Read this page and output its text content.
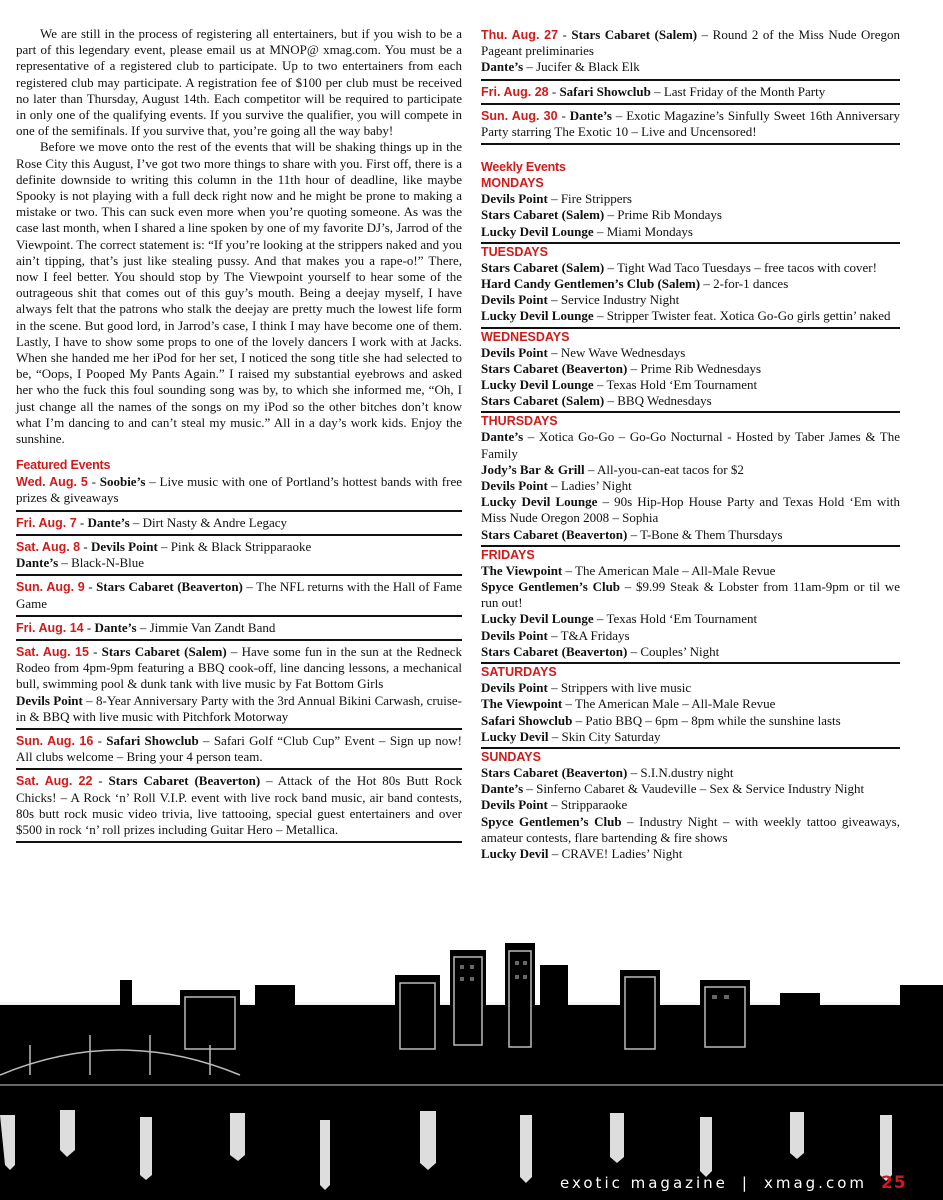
We are still in the process of registering all entertainers, but if you wish to be a part of this legendary event, please email us at MNOP@ xmag.com. You must be a representative of a registered club to participate. Up to two entertainers from each registered club may participate. A registration fee of $100 per club must be received no later than Thursday, August 14th. Each competitor will be required to participate in only one of the qualifying events. If you survive the qualifier, you will compete in one of the semifinals. If you survive that, you’re going all the way baby!

Before we move onto the rest of the events that will be shaking things up in the Rose City this August, I’ve got two more things to share with you. First off, there is a definite downside to writing this column in the 11th hour of deadline, like maybe Spooky is not playing with a full deck right now and he might be prone to making a mistake or two. This can suck even more when you’re quoting someone. As was the case last month, when I shared a line spoken by one of my favorite DJ’s, Jarrod of the Viewpoint. The correct statement is: “If you’re looking at the strippers naked and you ain’t tipping, that’s just like stealing pussy. And that makes you a rape-o!” There, now I feel better. You should stop by The Viewpoint yourself to hear some of the outrageous shit that comes out of this guy’s mouth. Being a deejay myself, I have always felt that the patrons who stalk the deejay are pretty much the lowest life form in the scene. But good lord, in Jarrod’s case, I think I may have become one of them. Lastly, I have to show some props to one of the lovely dancers I work with at Jacks. When she handed me her iPod for her set, I noticed the song title she had selected to be, “Oops, I Pooped My Pants Again.” I raised my substantial eyebrows and asked her who the fuck this foul sounding song was by, to which she informed me, “Oh, I just change all the names of the songs on my iPod so the other bitches don’t know what I’m dancing to and can’t steal my music.” All in a day’s work kids. Enjoy the sunshine.

Featured Events
Wed. Aug. 5 - Soobie’s – Live music with one of Portland’s hottest bands with free prizes & giveaways
Fri. Aug. 7 - Dante’s – Dirt Nasty & Andre Legacy
Sat. Aug. 8 - Devils Point – Pink & Black Stripparaoke
Dante’s – Black-N-Blue
Sun. Aug. 9 - Stars Cabaret (Beaverton) – The NFL returns with the Hall of Fame Game
Fri. Aug. 14 - Dante’s – Jimmie Van Zandt Band
Sat. Aug. 15 - Stars Cabaret (Salem) – Have some fun in the sun at the Redneck Rodeo from 4pm-9pm featuring a BBQ cook-off, line dancing lessons, a mechanical bull, swimming pool & dunk tank with live music by Fat Bottom Girls
Devils Point – 8-Year Anniversary Party with the 3rd Annual Bikini Carwash, cruise-in & BBQ with live music with Pitchfork Motorway
Sun. Aug. 16 - Safari Showclub – Safari Golf “Club Cup” Event – Sign up now! All clubs welcome – Bring your 4 person team.
Sat. Aug. 22 - Stars Cabaret (Beaverton) – Attack of the Hot 80s Butt Rock Chicks! – A Rock ‘n’ Roll V.I.P. event with live rock band music, air band contests, 80s butt rock music video trivia, live tattooing, special guest entertainers and over $500 in rock ‘n’ roll prizes including Guitar Hero – Metallica.
Thu. Aug. 27 - Stars Cabaret (Salem) – Round 2 of the Miss Nude Oregon Pageant preliminaries
Dante’s – Jucifer & Black Elk
Fri. Aug. 28 - Safari Showclub – Last Friday of the Month Party
Sun. Aug. 30 - Dante’s – Exotic Magazine’s Sinfully Sweet 16th Anniversary Party starring The Exotic 10 – Live and Uncensored!
Weekly Events
MONDAYS
Devils Point – Fire Strippers
Stars Cabaret (Salem) – Prime Rib Mondays
Lucky Devil Lounge – Miami Mondays
TUESDAYS
Stars Cabaret (Salem) – Tight Wad Taco Tuesdays – free tacos with cover!
Hard Candy Gentlemen’s Club (Salem) – 2-for-1 dances
Devils Point – Service Industry Night
Lucky Devil Lounge – Stripper Twister feat. Xotica Go-Go girls gettin’ naked
WEDNESDAYS
Devils Point – New Wave Wednesdays
Stars Cabaret (Beaverton) – Prime Rib Wednesdays
Lucky Devil Lounge – Texas Hold ‘Em Tournament
Stars Cabaret (Salem) – BBQ Wednesdays
THURSDAYS
Dante’s – Xotica Go-Go – Go-Go Nocturnal - Hosted by Taber James & The Family
Jody’s Bar & Grill – All-you-can-eat tacos for $2
Devils Point – Ladies’ Night
Lucky Devil Lounge – 90s Hip-Hop House Party and Texas Hold ‘Em with Miss Nude Oregon 2008 – Sophia
Stars Cabaret (Beaverton) – T-Bone & Them Thursdays
FRIDAYS
The Viewpoint – The American Male – All-Male Revue
Spyce Gentlemen’s Club – $9.99 Steak & Lobster from 11am-9pm or til we run out!
Lucky Devil Lounge – Texas Hold ‘Em Tournament
Devils Point – T&A Fridays
Stars Cabaret (Beaverton) – Couples’ Night
SATURDAYS
Devils Point – Strippers with live music
The Viewpoint – The American Male – All-Male Revue
Safari Showclub – Patio BBQ – 6pm – 8pm while the sunshine lasts
Lucky Devil – Skin City Saturday
SUNDAYS
Stars Cabaret (Beaverton) – S.I.N.dustry night
Dante’s – Sinferno Cabaret & Vaudeville – Sex & Service Industry Night
Devils Point – Stripparaoke
Spyce Gentlemen’s Club – Industry Night – with weekly tattoo giveaways, amateur contests, flare bartending & fire shows
Lucky Devil – CRAVE! Ladies’ Night
exotic magazine | xmag.com 25
